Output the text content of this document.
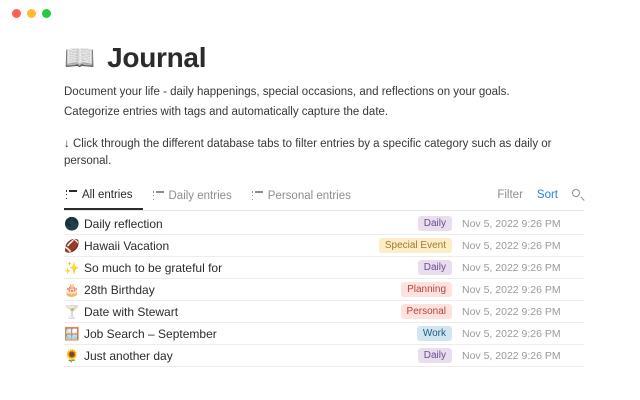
📖 Journal
Document your life - daily happenings, special occasions, and reflections on your goals.
Categorize entries with tags and automatically capture the date.
↓ Click through the different database tabs to filter entries by a specific category such as daily or personal.
All entries	Daily entries	Personal entries	Filter Sort
🌑 Daily reflection	Daily	Nov 5, 2022 9:26 PM
🏈 Hawaii Vacation	Special Event	Nov 5, 2022 9:26 PM
✨ So much to be grateful for	Daily	Nov 5, 2022 9:26 PM
🎂 28th Birthday	Planning	Nov 5, 2022 9:26 PM
🍸 Date with Stewart	Personal	Nov 5, 2022 9:26 PM
🪟 Job Search – September	Work	Nov 5, 2022 9:26 PM
🌻 Just another day	Daily	Nov 5, 2022 9:26 PM
